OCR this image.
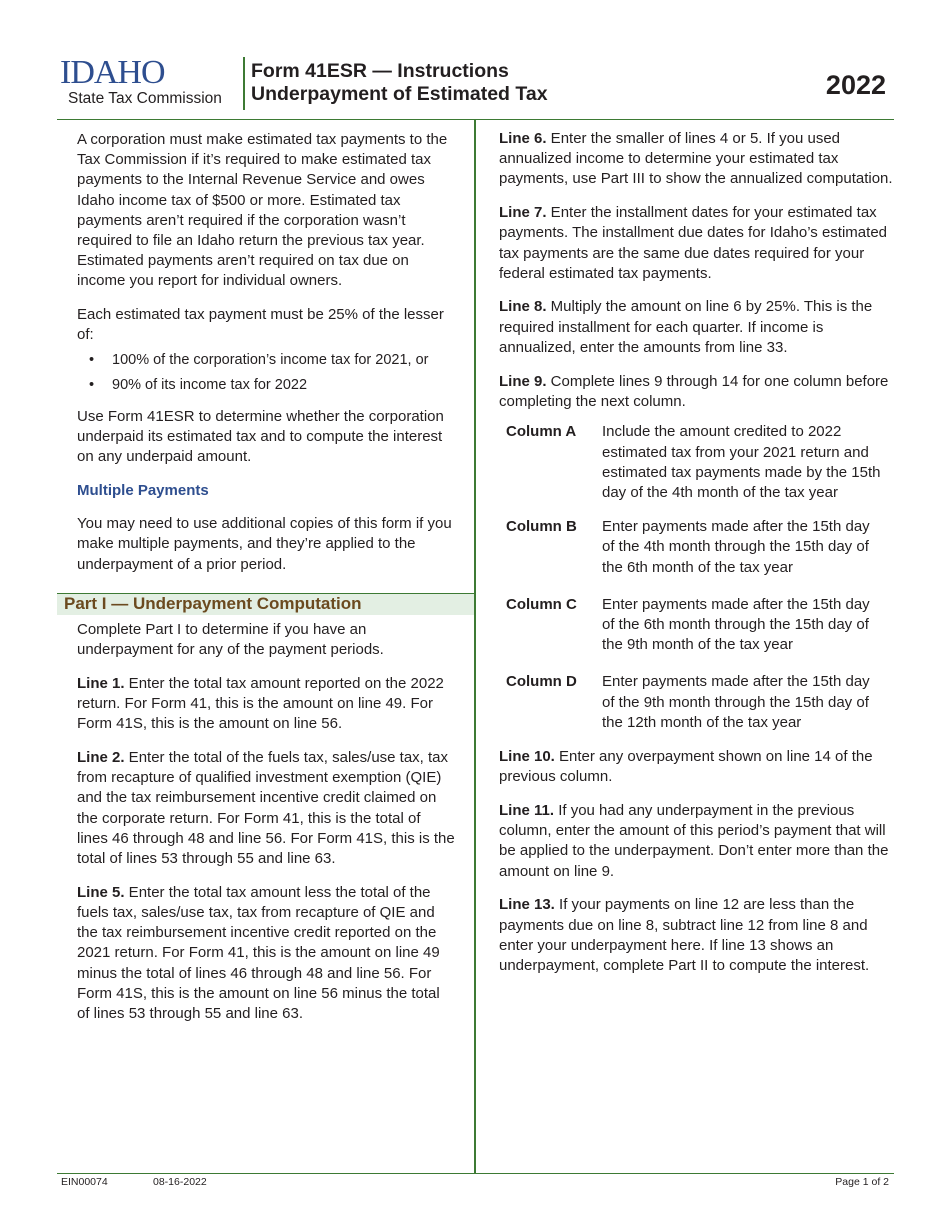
IDAHO
State Tax Commission
Form 41ESR — Instructions
Underpayment of Estimated Tax	2022

A corporation must make estimated tax payments to the Tax Commission if it’s required to make estimated tax payments to the Internal Revenue Service and owes Idaho income tax of $500 or more. Estimated tax payments aren’t required if the corporation wasn’t required to file an Idaho return the previous tax year. Estimated payments aren’t required on tax due on income you report for individual owners.

Each estimated tax payment must be 25% of the lesser of:

• 100% of the corporation’s income tax for 2021, or
• 90% of its income tax for 2022

Use Form 41ESR to determine whether the corporation underpaid its estimated tax and to compute the interest on any underpaid amount.

Multiple Payments

You may need to use additional copies of this form if you make multiple payments, and they’re applied to the underpayment of a prior period.

Part I — Underpayment Computation

Complete Part I to determine if you have an underpayment for any of the payment periods.

Line 1. Enter the total tax amount reported on the 2022 return. For Form 41, this is the amount on line 49. For Form 41S, this is the amount on line 56.

Line 2. Enter the total of the fuels tax, sales/use tax, tax from recapture of qualified investment exemption (QIE) and the tax reimbursement incentive credit claimed on the corporate return. For Form 41, this is the total of lines 46 through 48 and line 56. For Form 41S, this is the total of lines 53 through 55 and line 63.

Line 5. Enter the total tax amount less the total of the fuels tax, sales/use tax, tax from recapture of QIE and the tax reimbursement incentive credit reported on the 2021 return. For Form 41, this is the amount on line 49 minus the total of lines 46 through 48 and line 56. For Form 41S, this is the amount on line 56 minus the total of lines 53 through 55 and line 63.

Line 6. Enter the smaller of lines 4 or 5. If you used annualized income to determine your estimated tax payments, use Part III to show the annualized computation.

Line 7. Enter the installment dates for your estimated tax payments. The installment due dates for Idaho’s estimated tax payments are the same due dates required for your federal estimated tax payments.

Line 8. Multiply the amount on line 6 by 25%. This is the required installment for each quarter. If income is annualized, enter the amounts from line 33.

Line 9. Complete lines 9 through 14 for one column before completing the next column.

Column A	Include the amount credited to 2022 estimated tax from your 2021 return and estimated tax payments made by the 15th day of the 4th month of the tax year
Column B	Enter payments made after the 15th day of the 4th month through the 15th day of the 6th month of the tax year
Column C	Enter payments made after the 15th day of the 6th month through the 15th day of the 9th month of the tax year
Column D	Enter payments made after the 15th day of the 9th month through the 15th day of the 12th month of the tax year

Line 10. Enter any overpayment shown on line 14 of the previous column.

Line 11. If you had any underpayment in the previous column, enter the amount of this period’s payment that will be applied to the underpayment. Don’t enter more than the amount on line 9.

Line 13. If your payments on line 12 are less than the payments due on line 8, subtract line 12 from line 8 and enter your underpayment here. If line 13 shows an underpayment, complete Part II to compute the interest.

EIN00074	08-16-2022	Page 1 of 2
